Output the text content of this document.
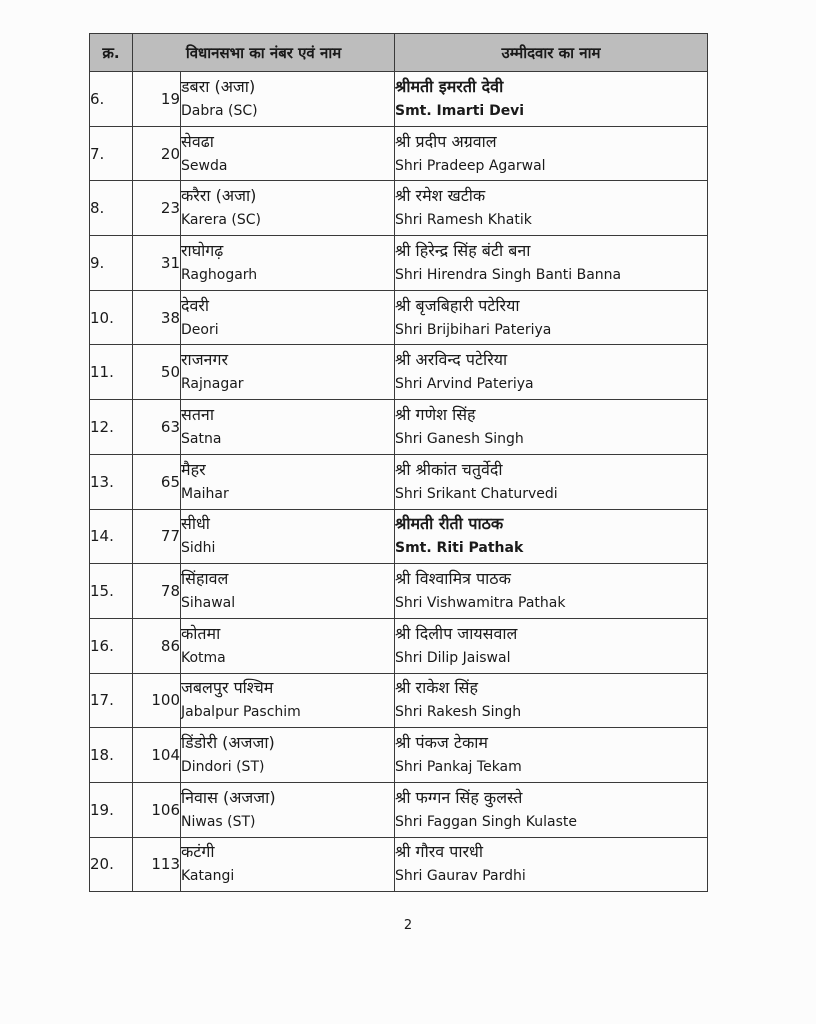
क्र.	विधानसभा का नंबर एवं नाम		उम्मीदवार का नाम
6.	19	डबरा (अजा)
Dabra (SC)	श्रीमती इमरती देवी
Smt. Imarti Devi

7.	20	सेवढा
Sewda	श्री प्रदीप अग्रवाल
Shri Pradeep Agarwal

8.	23	करैरा (अजा)
Karera (SC)	श्री रमेश खटीक
Shri Ramesh Khatik

9.	31	राघोगढ़
Raghogarh	श्री हिरेन्द्र सिंह बंटी बना
Shri Hirendra Singh Banti Banna

10.	38	देवरी
Deori	श्री बृजबिहारी पटेरिया
Shri Brijbihari Pateriya

11.	50	राजनगर
Rajnagar	श्री अरविन्द पटेरिया
Shri Arvind Pateriya

12.	63	सतना
Satna	श्री गणेश सिंह
Shri Ganesh Singh

13.	65	मैहर
Maihar	श्री श्रीकांत चतुर्वेदी
Shri Srikant Chaturvedi

14.	77	सीधी
Sidhi	श्रीमती रीती पाठक
Smt. Riti Pathak

15.	78	सिंहावल
Sihawal	श्री विश्वामित्र पाठक
Shri Vishwamitra Pathak

16.	86	कोतमा
Kotma	श्री दिलीप जायसवाल
Shri Dilip Jaiswal

17.	100	जबलपुर पश्चिम
Jabalpur Paschim	श्री राकेश सिंह
Shri Rakesh Singh

18.	104	डिंडोरी (अजजा)
Dindori (ST)	श्री पंकज टेकाम
Shri Pankaj Tekam

19.	106	निवास (अजजा)
Niwas (ST)	श्री फग्गन सिंह कुलस्ते
Shri Faggan Singh Kulaste

20.	113	कटंगी
Katangi	श्री गौरव पारधी
Shri Gaurav Pardhi
2
